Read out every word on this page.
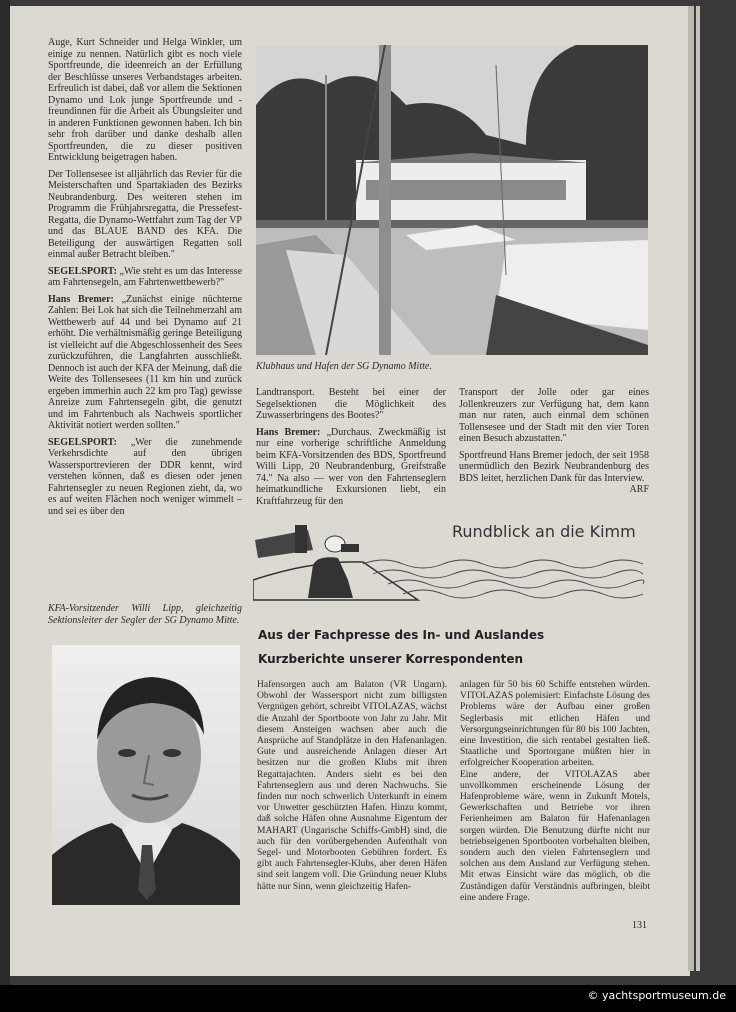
Auge, Kurt Schneider und Helga Winkler, um einige zu nennen. Natürlich gibt es noch viele Sportfreunde, die ideenreich an der Erfüllung der Beschlüsse unseres Verbandstages arbeiten. Erfreulich ist dabei, daß vor allem die Sektionen Dynamo und Lok junge Sportfreunde und -freundinnen für die Arbeit als Übungsleiter und in anderen Funktionen gewonnen haben. Ich bin sehr froh darüber und danke deshalb allen Sportfreunden, die zu dieser positiven Entwicklung beigetragen haben.

Der Tollensesee ist alljährlich das Revier für die Meisterschaften und Spartakiaden des Bezirks Neubrandenburg. Des weiteren stehen im Programm die Frühjahrsregatta, die Pressefest-Regatta, die Dynamo-Wettfahrt zum Tag der VP und das BLAUE BAND des KFA. Die Beteiligung der auswärtigen Regatten soll einmal außer Betracht bleiben."

SEGELSPORT: „Wie steht es um das Interesse am Fahrtensegeln, am Fahrtenwettbewerb?"

Hans Bremer: „Zunächst einige nüchterne Zahlen: Bei Lok hat sich die Teilnehmerzahl am Wettbewerb auf 44 und bei Dynamo auf 21 erhöht. Die verhältnismäßig geringe Beteiligung ist vielleicht auf die Abgeschlossenheit des Sees zurückzuführen, die Langfahrten ausschließt. Dennoch ist auch der KFA der Meinung, daß die Weite des Tollensesees (11 km hin und zurück ergeben immerhin auch 22 km pro Tag) gewisse Anreize zum Fahrtensegeln gibt, die genutzt und im Fahrtenbuch als Nachweis sportlicher Aktivität notiert werden sollten."

SEGELSPORT: „Wer die zunehmende Verkehrsdichte auf den übrigen Wassersportrevieren der DDR kennt, wird verstehen können, daß es diesen oder jenen Fahrtensegler zu neuen Regionen zieht, da, wo es auf weiten Flächen noch weniger wimmelt – und sei es über den

KFA-Vorsitzender Willi Lipp, gleichzeitig Sektionsleiter der Segler der SG Dynamo Mitte.
Klubhaus und Hafen der SG Dynamo Mitte.

Landtransport. Besteht bei einer der Segelsektionen die Möglichkeit des Zuwasserbringens des Bootes?"

Hans Bremer: „Durchaus. Zweckmäßig ist nur eine vorherige schriftliche Anmeldung beim KFA-Vorsitzenden des BDS, Sportfreund Willi Lipp, 20 Neubrandenburg, Greifstraße 74." Na also — wer von den Fahrtenseglern heimatkundliche Exkursionen liebt, ein Kraftfahrzeug für den

Transport der Jolle oder gar eines Jollenkreuzers zur Verfügung hat, dem kann man nur raten, auch einmal dem schönen Tollensesee und der Stadt mit den vier Toren einen Besuch abzustatten."

Sportfreund Hans Bremer jedoch, der seit 1958 unermüdlich den Bezirk Neubrandenburg des BDS leitet, herzlichen Dank für das Interview.

ARF
Rundblick an die Kimm
Aus der Fachpresse des In- und Auslandes
Kurzberichte unserer Korrespondenten

Hafensorgen auch am Balaton (VR Ungarn). Obwohl der Wassersport nicht zum billigsten Vergnügen gehört, schreibt VITOLAZAS, wächst die Anzahl der Sportboote von Jahr zu Jahr. Mit diesem Ansteigen wachsen aber auch die Ansprüche auf Standplätze in den Hafenanlagen. Gute und ausreichende Anlagen dieser Art besitzen nur die großen Klubs mit ihren Regattajachten. Anders sieht es bei den Fahrtenseglern aus und deren Nachwuchs. Sie finden nur noch schwerlich Unterkunft in einem vor Unwetter geschützten Hafen. Hinzu kommt, daß solche Häfen ohne Ausnahme Eigentum der MAHART (Ungarische Schiffs-GmbH) sind, die auch für den vorübergehenden Aufenthalt von Segel- und Motorbooten Gebühren fordert. Es gibt auch Fahrtensegler-Klubs, aber deren Häfen sind seit langem voll. Die Gründung neuer Klubs hätte nur Sinn, wenn gleichzeitig Hafen-

anlagen für 50 bis 60 Schiffe entstehen würden. VITOLAZAS polemisiert: Einfachste Lösung des Problems wäre der Aufbau einer großen Seglerbasis mit etlichen Häfen und Versorgungseinrichtungen für 80 bis 100 Jachten, eine Investition, die sich rentabel gestalten ließ. Staatliche und Sportorgane müßten hier in erfolgreicher Kooperation arbeiten.

Eine andere, der VITOLAZAS aber unvollkommen erscheinende Lösung der Hafenprobleme wäre, wenn in Zukunft Motels, Gewerkschaften und Betriebe vor ihren Ferienheimen am Balaton für Hafenanlagen sorgen würden. Die Benutzung dürfte nicht nur betriebseigenen Sportbooten vorbehalten bleiben, sondern auch den vielen Fahrtenseglern und solchen aus dem Ausland zur Verfügung stehen. Mit etwas Einsicht wäre das möglich, ob die Zuständigen dafür Verständnis aufbringen, bleibt eine andere Frage.

131
© yachtsportmuseum.de
